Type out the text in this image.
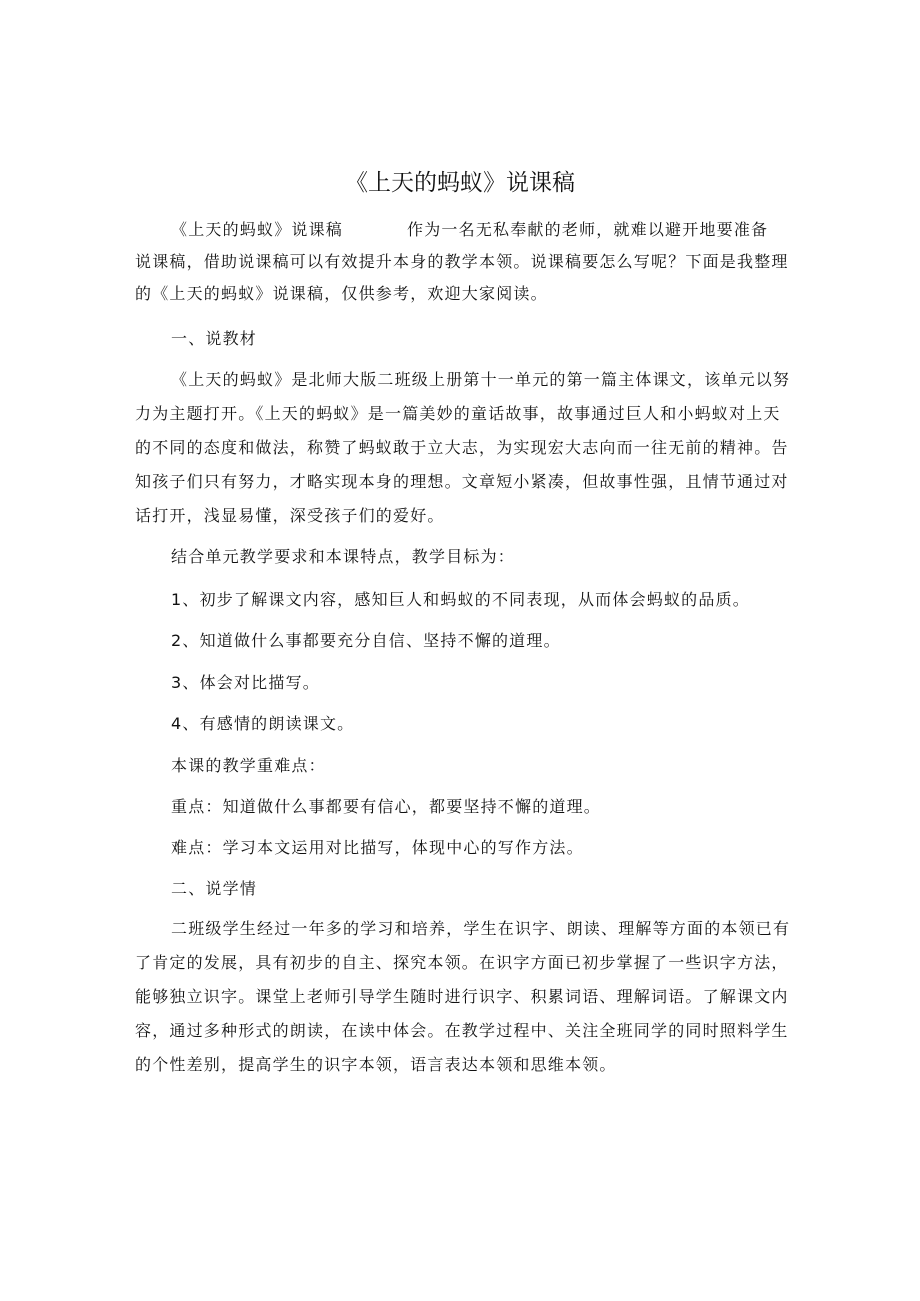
《上天的蚂蚁》说课稿
《上天的蚂蚁》说课稿	作为一名无私奉献的老师，就难以避开地要准备
说课稿，借助说课稿可以有效提升本身的教学本领。说课稿要怎么写呢？下面是我整理
的《上天的蚂蚁》说课稿，仅供参考，欢迎大家阅读。
一、说教材
《上天的蚂蚁》是北师大版二班级上册第十一单元的第一篇主体课文，该单元以努
力为主题打开。《上天的蚂蚁》是一篇美妙的童话故事，故事通过巨人和小蚂蚁对上天
的不同的态度和做法，称赞了蚂蚁敢于立大志，为实现宏大志向而一往无前的精神。告
知孩子们只有努力，才略实现本身的理想。文章短小紧凑，但故事性强，且情节通过对
话打开，浅显易懂，深受孩子们的爱好。
结合单元教学要求和本课特点，教学目标为：
1、初步了解课文内容，感知巨人和蚂蚁的不同表现，从而体会蚂蚁的品质。
2、知道做什么事都要充分自信、坚持不懈的道理。
3、体会对比描写。
4、有感情的朗读课文。
本课的教学重难点：
重点：知道做什么事都要有信心，都要坚持不懈的道理。
难点：学习本文运用对比描写，体现中心的写作方法。
二、说学情
二班级学生经过一年多的学习和培养，学生在识字、朗读、理解等方面的本领已有
了肯定的发展，具有初步的自主、探究本领。在识字方面已初步掌握了一些识字方法，
能够独立识字。课堂上老师引导学生随时进行识字、积累词语、理解词语。了解课文内
容，通过多种形式的朗读，在读中体会。在教学过程中、关注全班同学的同时照料学生
的个性差别，提高学生的识字本领，语言表达本领和思维本领。
